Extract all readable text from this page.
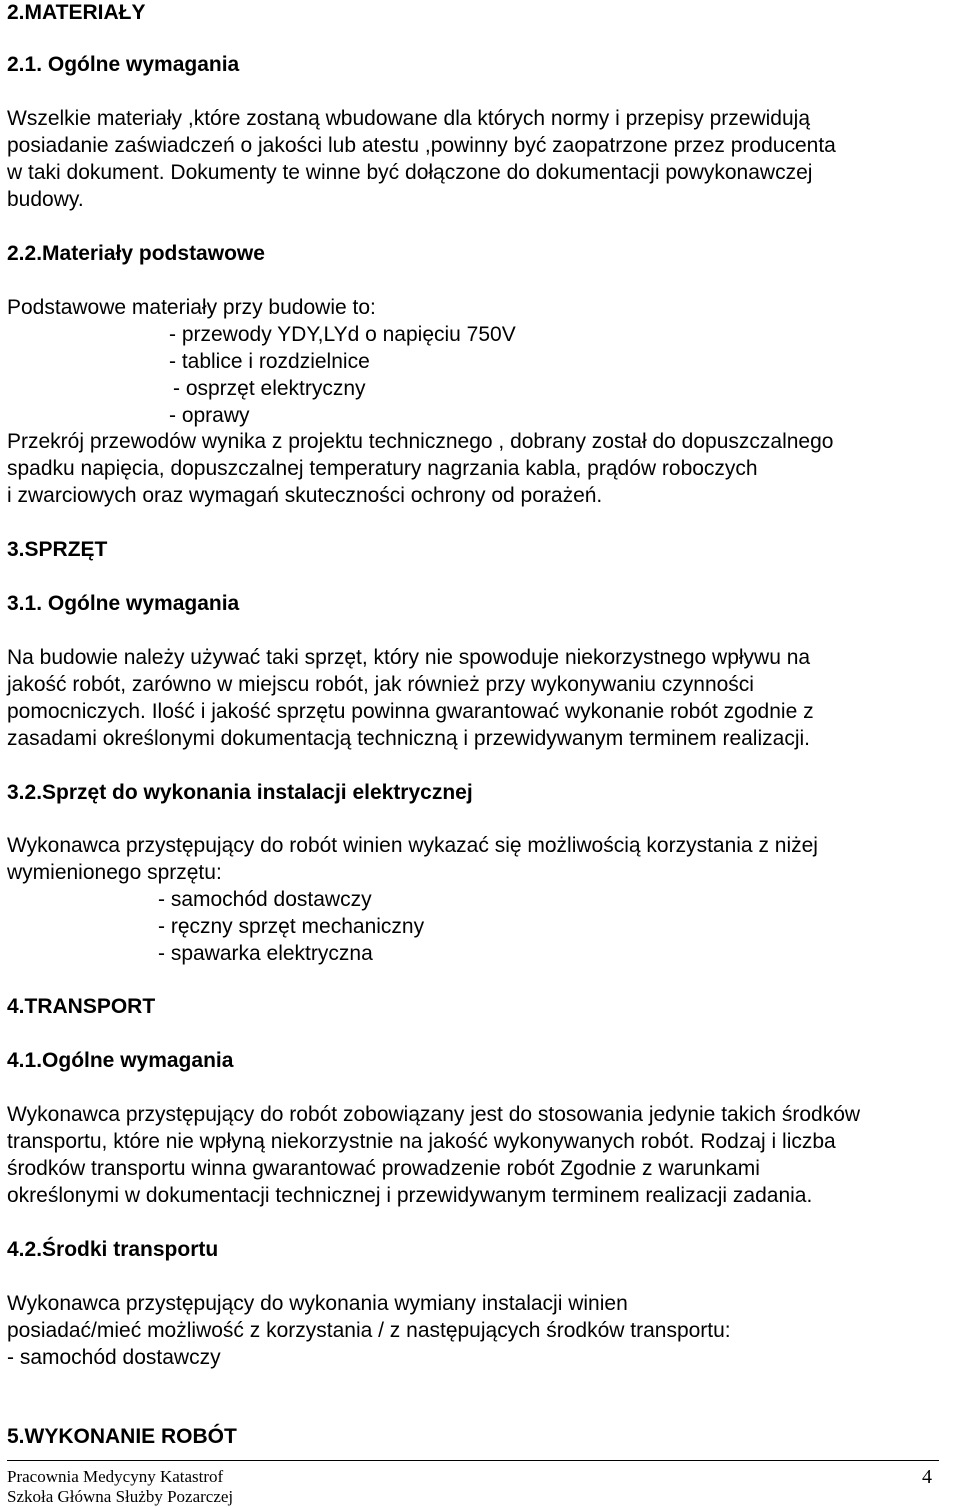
2.MATERIAŁY
2.1. Ogólne wymagania
Wszelkie materiały ,które zostaną wbudowane dla których normy i przepisy przewidują
posiadanie zaświadczeń o jakości lub atestu ,powinny być zaopatrzone przez producenta
w taki dokument. Dokumenty te winne być dołączone do dokumentacji powykonawczej
budowy.
2.2.Materiały podstawowe
Podstawowe materiały przy budowie to:
- przewody YDY,LYd o napięciu 750V
- tablice i rozdzielnice
- osprzęt elektryczny
- oprawy
Przekrój przewodów wynika z projektu technicznego , dobrany został do dopuszczalnego
spadku napięcia, dopuszczalnej temperatury nagrzania kabla, prądów roboczych
i zwarciowych oraz wymagań skuteczności ochrony od porażeń.
3.SPRZĘT
3.1. Ogólne wymagania
Na budowie należy używać taki sprzęt, który nie spowoduje niekorzystnego wpływu na
jakość robót, zarówno w miejscu robót, jak również przy wykonywaniu czynności
pomocniczych. Ilość i jakość sprzętu powinna gwarantować wykonanie robót zgodnie z
zasadami określonymi dokumentacją techniczną i przewidywanym terminem realizacji.
3.2.Sprzęt do wykonania instalacji elektrycznej
Wykonawca przystępujący do robót winien wykazać się możliwością korzystania z niżej
wymienionego sprzętu:
- samochód dostawczy
- ręczny sprzęt mechaniczny
- spawarka elektryczna
4.TRANSPORT
4.1.Ogólne wymagania
Wykonawca przystępujący do robót zobowiązany jest do stosowania jedynie takich środków
transportu, które nie wpłyną niekorzystnie na jakość wykonywanych robót. Rodzaj i liczba
środków transportu winna gwarantować prowadzenie robót Zgodnie z warunkami
określonymi w dokumentacji technicznej i przewidywanym terminem realizacji zadania.
4.2.Środki transportu
Wykonawca przystępujący do wykonania wymiany instalacji winien
posiadać/mieć możliwość z korzystania / z następujących środków transportu:
- samochód dostawczy
5.WYKONANIE ROBÓT
Pracownia Medycyny Katastrof
Szkoła Główna Służby Pozarczej
4
